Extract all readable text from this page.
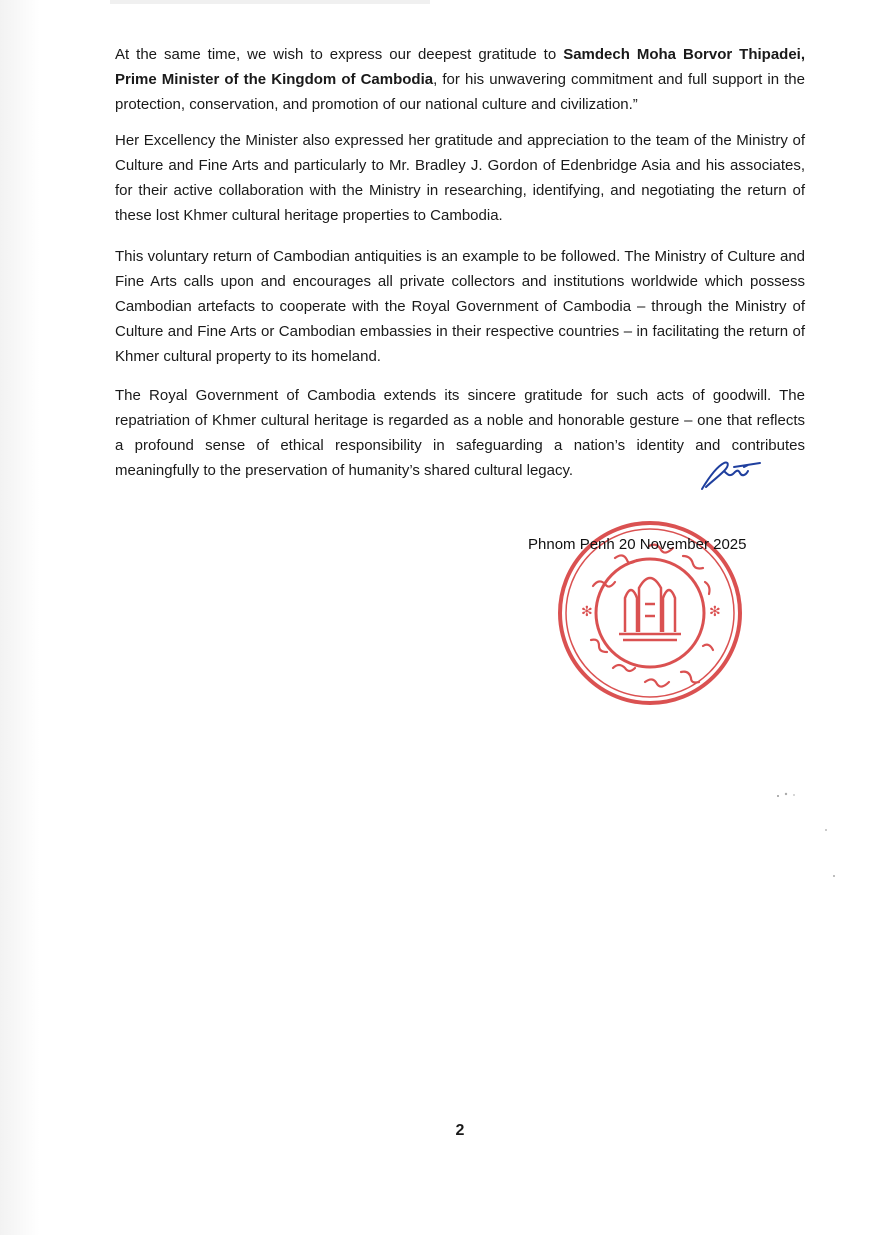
At the same time, we wish to express our deepest gratitude to Samdech Moha Borvor Thipadei, Prime Minister of the Kingdom of Cambodia, for his unwavering commitment and full support in the protection, conservation, and promotion of our national culture and civilization.”

Her Excellency the Minister also expressed her gratitude and appreciation to the team of the Ministry of Culture and Fine Arts and particularly to Mr. Bradley J. Gordon of Edenbridge Asia and his associates, for their active collaboration with the Ministry in researching, identifying, and negotiating the return of these lost Khmer cultural heritage properties to Cambodia.

This voluntary return of Cambodian antiquities is an example to be followed. The Ministry of Culture and Fine Arts calls upon and encourages all private collectors and institutions worldwide which possess Cambodian artefacts to cooperate with the Royal Government of Cambodia – through the Ministry of Culture and Fine Arts or Cambodian embassies in their respective countries – in facilitating the return of Khmer cultural property to its homeland.

The Royal Government of Cambodia extends its sincere gratitude for such acts of goodwill. The repatriation of Khmer cultural heritage is regarded as a noble and honorable gesture – one that reflects a profound sense of ethical responsibility in safeguarding a nation’s identity and contributes meaningfully to the preservation of humanity’s shared cultural legacy.

✻	✻
Phnom Penh 20 November 2025
2
